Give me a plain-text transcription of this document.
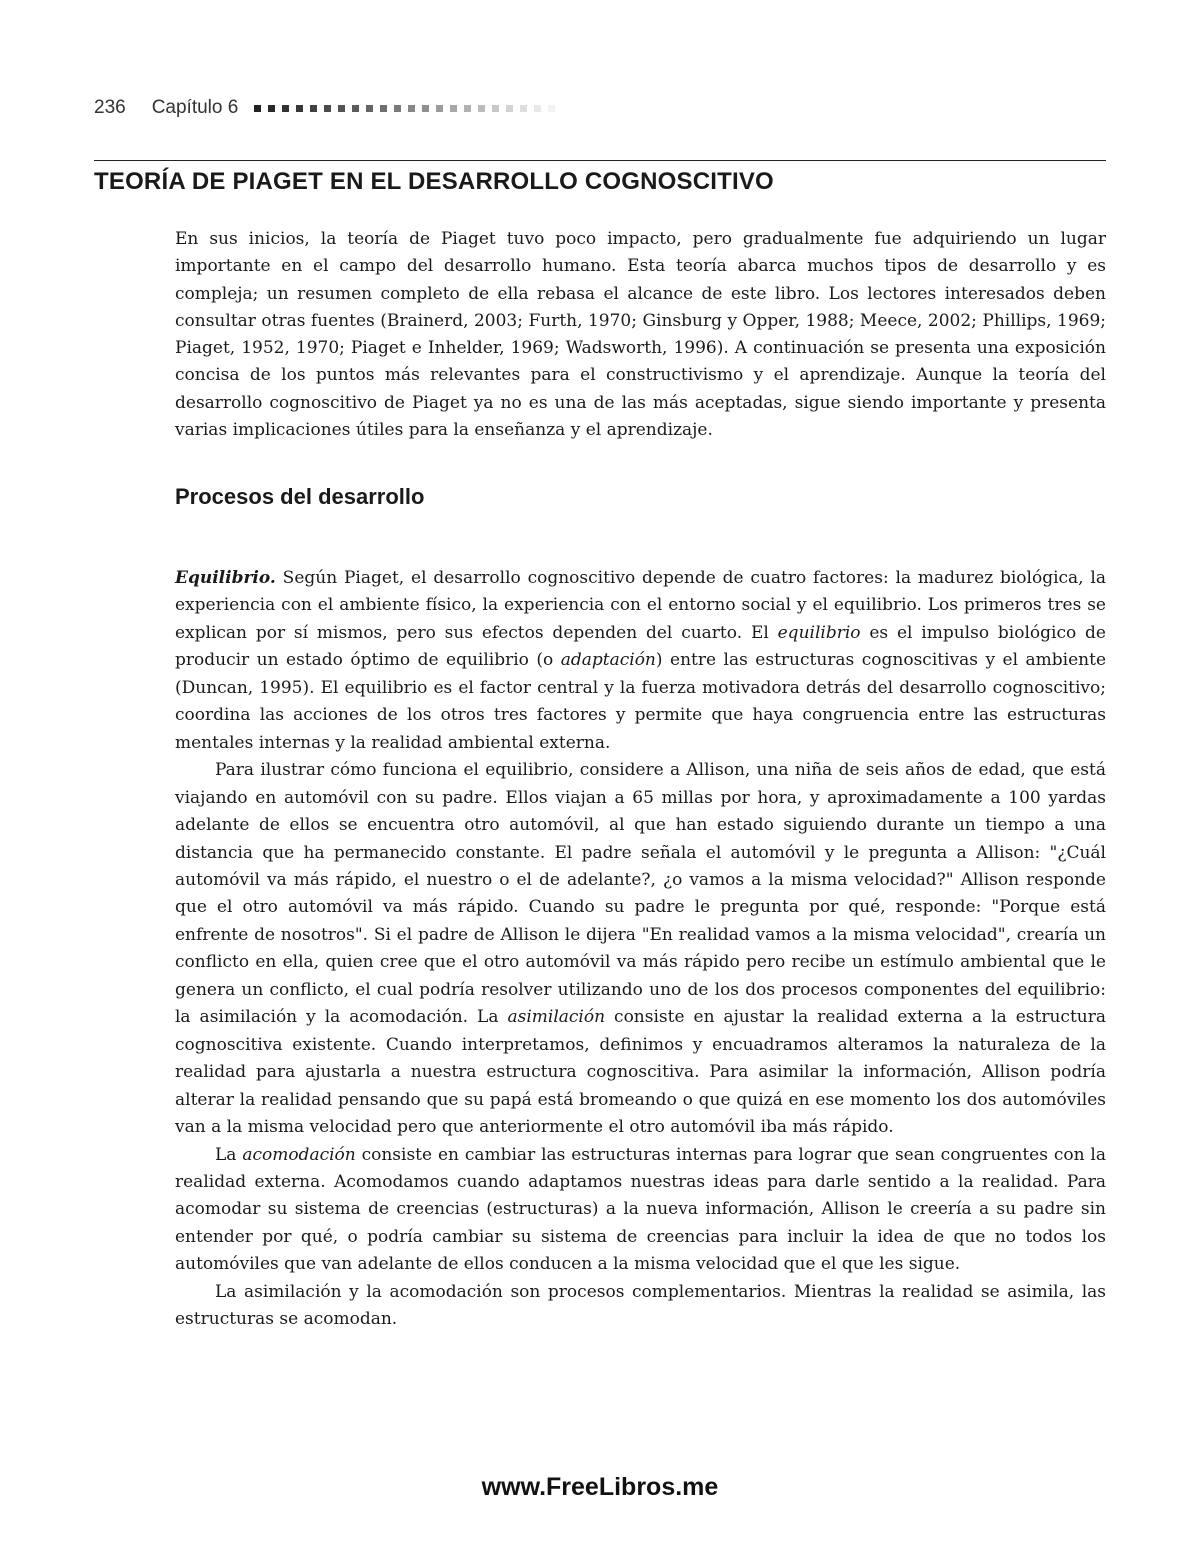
236 Capítulo 6
TEORÍA DE PIAGET EN EL DESARROLLO COGNOSCITIVO

En sus inicios, la teoría de Piaget tuvo poco impacto, pero gradualmente fue adquiriendo un lugar importante en el campo del desarrollo humano. Esta teoría abarca muchos tipos de desarrollo y es compleja; un resumen completo de ella rebasa el alcance de este libro. Los lectores interesados deben consultar otras fuentes (Brainerd, 2003; Furth, 1970; Ginsburg y Opper, 1988; Meece, 2002; Phillips, 1969; Piaget, 1952, 1970; Piaget e Inhelder, 1969; Wadsworth, 1996). A continuación se presenta una exposición concisa de los puntos más relevantes para el constructivismo y el aprendizaje. Aunque la teoría del desarrollo cognoscitivo de Piaget ya no es una de las más aceptadas, sigue siendo importante y presenta varias implicaciones útiles para la enseñanza y el aprendizaje.

Procesos del desarrollo

Equilibrio. Según Piaget, el desarrollo cognoscitivo depende de cuatro factores: la madurez biológica, la experiencia con el ambiente físico, la experiencia con el entorno social y el equilibrio. Los primeros tres se explican por sí mismos, pero sus efectos dependen del cuarto. El equilibrio es el impulso biológico de producir un estado óptimo de equilibrio (o adaptación) entre las estructuras cognoscitivas y el ambiente (Duncan, 1995). El equilibrio es el factor central y la fuerza motivadora detrás del desarrollo cognoscitivo; coordina las acciones de los otros tres factores y permite que haya congruencia entre las estructuras mentales internas y la realidad ambiental externa.

Para ilustrar cómo funciona el equilibrio, considere a Allison, una niña de seis años de edad, que está viajando en automóvil con su padre. Ellos viajan a 65 millas por hora, y aproximadamente a 100 yardas adelante de ellos se encuentra otro automóvil, al que han estado siguiendo durante un tiempo a una distancia que ha permanecido constante. El padre señala el automóvil y le pregunta a Allison: "¿Cuál automóvil va más rápido, el nuestro o el de adelante?, ¿o vamos a la misma velocidad?" Allison responde que el otro automóvil va más rápido. Cuando su padre le pregunta por qué, responde: "Porque está enfrente de nosotros". Si el padre de Allison le dijera "En realidad vamos a la misma velocidad", crearía un conflicto en ella, quien cree que el otro automóvil va más rápido pero recibe un estímulo ambiental que le genera un conflicto, el cual podría resolver utilizando uno de los dos procesos componentes del equilibrio: la asimilación y la acomodación. La asimilación consiste en ajustar la realidad externa a la estructura cognoscitiva existente. Cuando interpretamos, definimos y encuadramos alteramos la naturaleza de la realidad para ajustarla a nuestra estructura cognoscitiva. Para asimilar la información, Allison podría alterar la realidad pensando que su papá está bromeando o que quizá en ese momento los dos automóviles van a la misma velocidad pero que anteriormente el otro automóvil iba más rápido.

La acomodación consiste en cambiar las estructuras internas para lograr que sean congruentes con la realidad externa. Acomodamos cuando adaptamos nuestras ideas para darle sentido a la realidad. Para acomodar su sistema de creencias (estructuras) a la nueva información, Allison le creería a su padre sin entender por qué, o podría cambiar su sistema de creencias para incluir la idea de que no todos los automóviles que van adelante de ellos conducen a la misma velocidad que el que les sigue.

La asimilación y la acomodación son procesos complementarios. Mientras la realidad se asimila, las estructuras se acomodan.

www.FreeLibros.me
